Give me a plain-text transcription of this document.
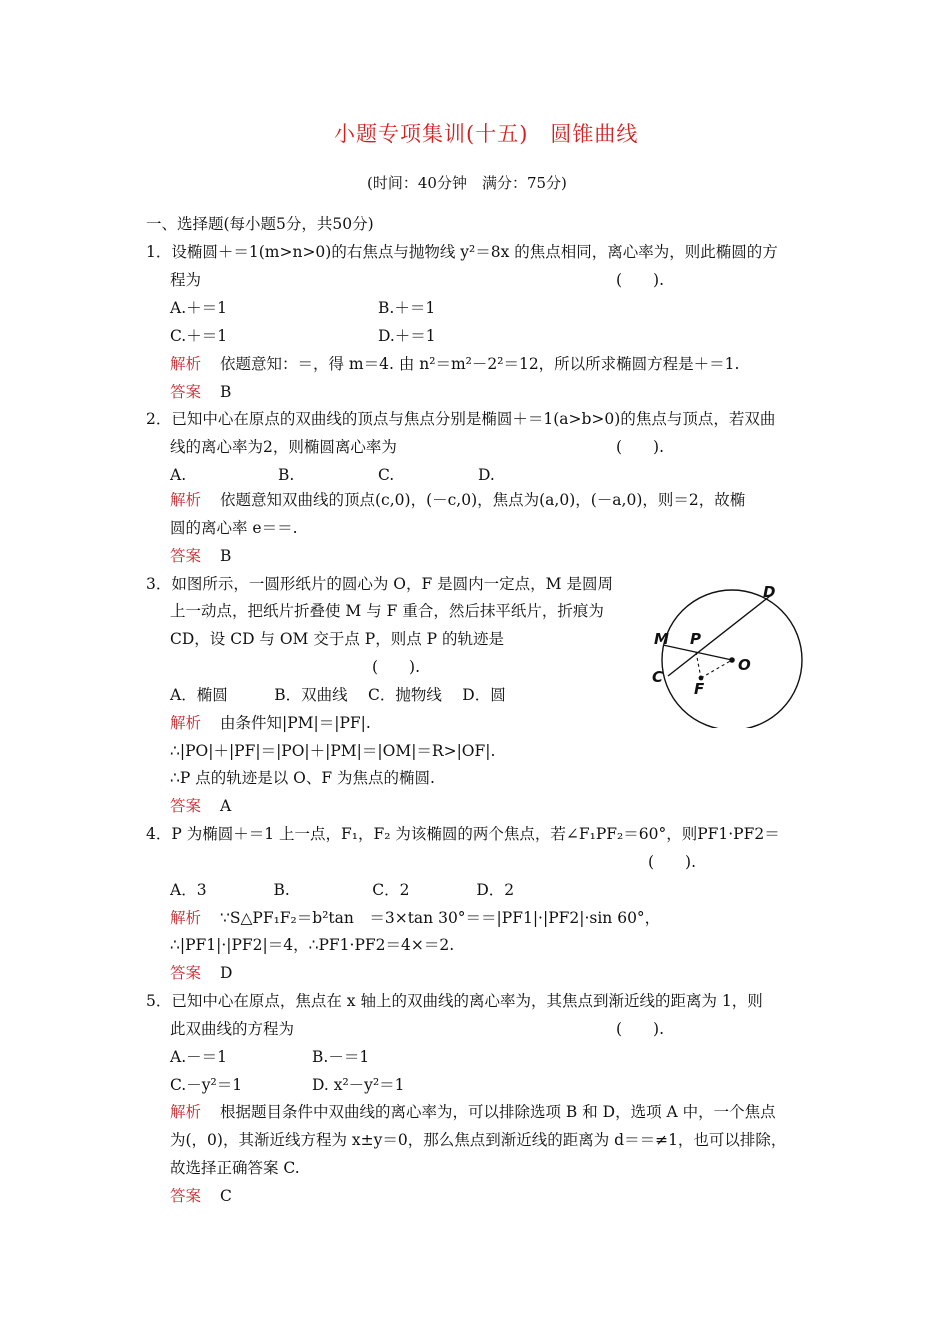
小题专项集训(十五)　圆锥曲线
(时间：40分钟　满分：75分)
一、选择题(每小题5分，共50分)
1．设椭圆＋＝1(m>n>0)的右焦点与抛物线 y²＝8x 的焦点相同，离心率为，则此椭圆的方
程为	(　　).
A.＋＝1	B.＋＝1
C.＋＝1	D.＋＝1
解析 依题意知：＝，得 m＝4. 由 n²＝m²－2²＝12，所以所求椭圆方程是＋＝1.
答案 B
2．已知中心在原点的双曲线的顶点与焦点分别是椭圆＋＝1(a>b>0)的焦点与顶点，若双曲
线的离心率为2，则椭圆离心率为	(　　).
A.	B.	C.	D.
解析 依题意知双曲线的顶点(c,0)，(－c,0)，焦点为(a,0)，(－a,0)，则＝2，故椭
圆的离心率 e＝＝.
答案 B
3．如图所示，一圆形纸片的圆心为 O，F 是圆内一定点，M 是圆周
上一动点，把纸片折叠使 M 与 F 重合，然后抹平纸片，折痕为
CD，设 CD 与 OM 交于点 P，则点 P 的轨迹是
(　　).
A．椭圆　　　B．双曲线　 C．抛物线　 D．圆
解析 由条件知|PM|＝|PF|.
∴|PO|＋|PF|＝|PO|＋|PM|＝|OM|＝R>|OF|.
∴P 点的轨迹是以 O、F 为焦点的椭圆.
答案 A
4．P 为椭圆＋＝1 上一点，F₁，F₂ 为该椭圆的两个焦点，若∠F₁PF₂＝60°，则PF1·PF2＝
(　　).
A．3　　　　 B.　　　　　 C．2　　　　 D．2
解析 ∵S△PF₁F₂＝b²tan　＝3×tan 30°＝＝|PF1|·|PF2|·sin 60°，
∴|PF1|·|PF2|＝4，∴PF1·PF2＝4×＝2.
答案 D
5．已知中心在原点，焦点在 x 轴上的双曲线的离心率为，其焦点到渐近线的距离为 1，则
此双曲线的方程为	(　　).
A.－＝1	B.－＝1
C.－y²＝1	D. x²－y²＝1
解析 根据题目条件中双曲线的离心率为，可以排除选项 B 和 D，选项 A 中，一个焦点
为(，0)，其渐近线方程为 x±y＝0，那么焦点到渐近线的距离为 d＝＝≠1，也可以排除，
故选择正确答案 C.
答案 C
D
M P
O
C
F
